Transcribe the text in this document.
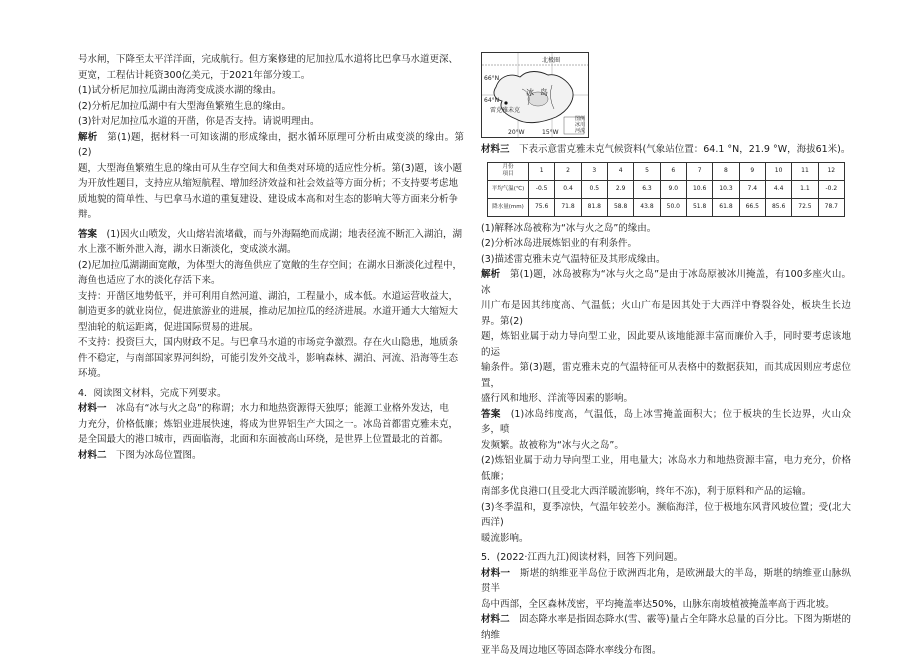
号水闸，下降至太平洋洋面，完成航行。但方案修建的尼加拉瓜水道将比巴拿马水道更深、

更宽，工程估计耗资300亿美元，于2021年部分竣工。

(1)试分析尼加拉瓜湖由海湾变成淡水湖的缘由。

(2)分析尼加拉瓜湖中有大型海鱼繁殖生息的缘由。

(3)针对尼加拉瓜水道的开凿，你是否支持。请说明理由。

解析　 第(1)题，据材料一可知该湖的形成缘由，据水循环原理可分析由咸变淡的缘由。第(2)

题，大型海鱼繁殖生息的缘由可从生存空间大和鱼类对环境的适应性分析。第(3)题，该小题

为开放性题目，支持应从缩短航程、增加经济效益和社会效益等方面分析；不支持要考虑地

质地貌的简单性、与巴拿马水道的重复建设、建设成本高和对生态的影响大等方面来分析争

辩。

答案　 (1)因火山喷发，火山熔岩流堵截，而与外海隔绝而成湖；地表径流不断汇入湖泊，湖

水上涨不断外泄入海，湖水日渐淡化，变成淡水湖。

(2)尼加拉瓜湖湖面宽敞，为体型大的海鱼供应了宽敞的生存空间；在湖水日渐淡化过程中，

海鱼也适应了水的淡化存活下来。

支持：开凿区地势低平，并可利用自然河道、湖泊，工程量小，成本低。水道运营收益大，

制造更多的就业岗位，促进旅游业的进展，推动尼加拉瓜的经济进展。水道开通大大缩短大

型油轮的航运距离，促进国际贸易的进展。

不支持：投资巨大，国内财政不足。与巴拿马水道的市场竞争激烈。存在火山隐患，地质条

件不稳定，与南部国家界河纠纷，可能引发外交战斗，影响森林、湖泊、河流、沿海等生态

环境。

4．阅读图文材料，完成下列要求。

材料一　 冰岛有“冰与火之岛”的称谓；水力和地热资源得天独厚；能源工业格外发达，电

力充分，价格低廉；炼铝业进展快速，将成为世界铝生产大国之一。冰岛首都雷克雅未克，

是全国最大的港口城市，西面临海，北面和东面被高山环绕，是世界上位置最北的首都。

材料二　 下图为冰岛位置图。

北极圈
冰 岛
雷克雅未克
66°N
64°N
20°W	15°W
图例
冰川
河流

材料三　 下表示意雷克雅未克气候资料(气象站位置：64.1 °N，21.9 °W，海拔61米)。

月份
项目	1	2	3	4	5	6	7	8	9	10	11	12
平均气温(℃)	-0.5	0.4	0.5	2.9	6.3	9.0	10.6	10.3	7.4	4.4	1.1	-0.2
降水量(mm)	75.6	71.8	81.8	58.8	43.8	50.0	51.8	61.8	66.5	85.6	72.5	78.7

(1)解释冰岛被称为“冰与火之岛”的缘由。

(2)分析冰岛进展炼铝业的有利条件。

(3)描述雷克雅未克气温特征及其形成缘由。

解析　 第(1)题，冰岛被称为“冰与火之岛”是由于冰岛原被冰川掩盖，有100多座火山。冰

川广布是因其纬度高、气温低；火山广布是因其处于大西洋中脊裂谷处，板块生长边界。第(2)

题，炼铝业属于动力导向型工业，因此要从该地能源丰富而廉价入手，同时要考虑该地的运

输条件。第(3)题，雷克雅未克的气温特征可从表格中的数据获知，而其成因则应考虑位置，

盛行风和地形、洋流等因素的影响。

答案　 (1)冰岛纬度高，气温低，岛上冰雪掩盖面积大；位于板块的生长边界，火山众多，喷

发频繁。故被称为“冰与火之岛”。

(2)炼铝业属于动力导向型工业，用电量大；冰岛水力和地热资源丰富，电力充分，价格低廉；

南部多优良港口(且受北大西洋暖流影响，终年不冻)，利于原料和产品的运输。

(3)冬季温和，夏季凉快，气温年较差小。濒临海洋，位于极地东风背风坡位置；受(北大西洋)

暖流影响。

5．(2022·江西九江)阅读材料，回答下列问题。

材料一　 斯堪的纳维亚半岛位于欧洲西北角，是欧洲最大的半岛，斯堪的纳维亚山脉纵贯半

岛中西部，全区森林茂密，平均掩盖率达50%，山脉东南坡植被掩盖率高于西北坡。

材料二　 固态降水率是指固态降水(雪、霰等)量占全年降水总量的百分比。下图为斯堪的纳维

亚半岛及周边地区等固态降水率线分布图。
